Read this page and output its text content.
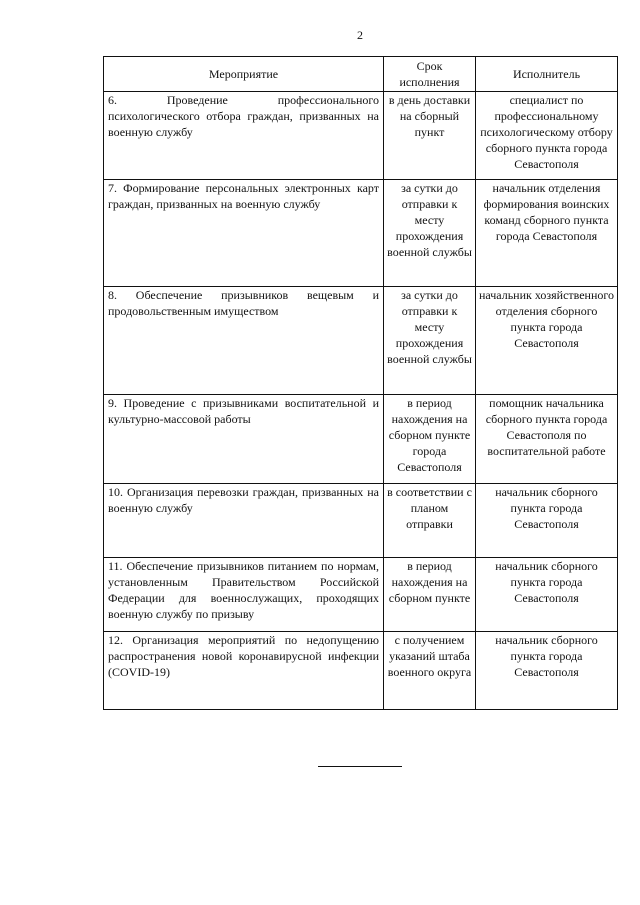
2
Мероприятие	Срок исполнения	Исполнитель
6. Проведение профессионального психологического отбора граждан, призванных на военную службу	в день доставки на сборный пункт	специалист по профессиональному психологическому отбору сборного пункта города Севастополя
7. Формирование персональных электронных карт граждан, призванных на военную службу	за сутки до отправки к месту прохождения военной службы	начальник отделения формирования воинских команд сборного пункта города Севастополя
8. Обеспечение призывников вещевым и продовольственным имуществом	за сутки до отправки к месту прохождения военной службы	начальник хозяйственного отделения сборного пункта города Севастополя
9. Проведение с призывниками воспитательной и культурно-массовой работы	в период нахождения на сборном пункте города Севастополя	помощник начальника сборного пункта города Севастополя по воспитательной работе
10. Организация перевозки граждан, призванных на военную службу	в соответствии с планом отправки	начальник сборного пункта города Севастополя
11. Обеспечение призывников питанием по нормам, установленным Правительством Российской Федерации для военнослужащих, проходящих военную службу по призыву	в период нахождения на сборном пункте	начальник сборного пункта города Севастополя
12. Организация мероприятий по недопущению распространения новой коронавирусной инфекции (COVID-19)	с получением указаний штаба военного округа	начальник сборного пункта города Севастополя
